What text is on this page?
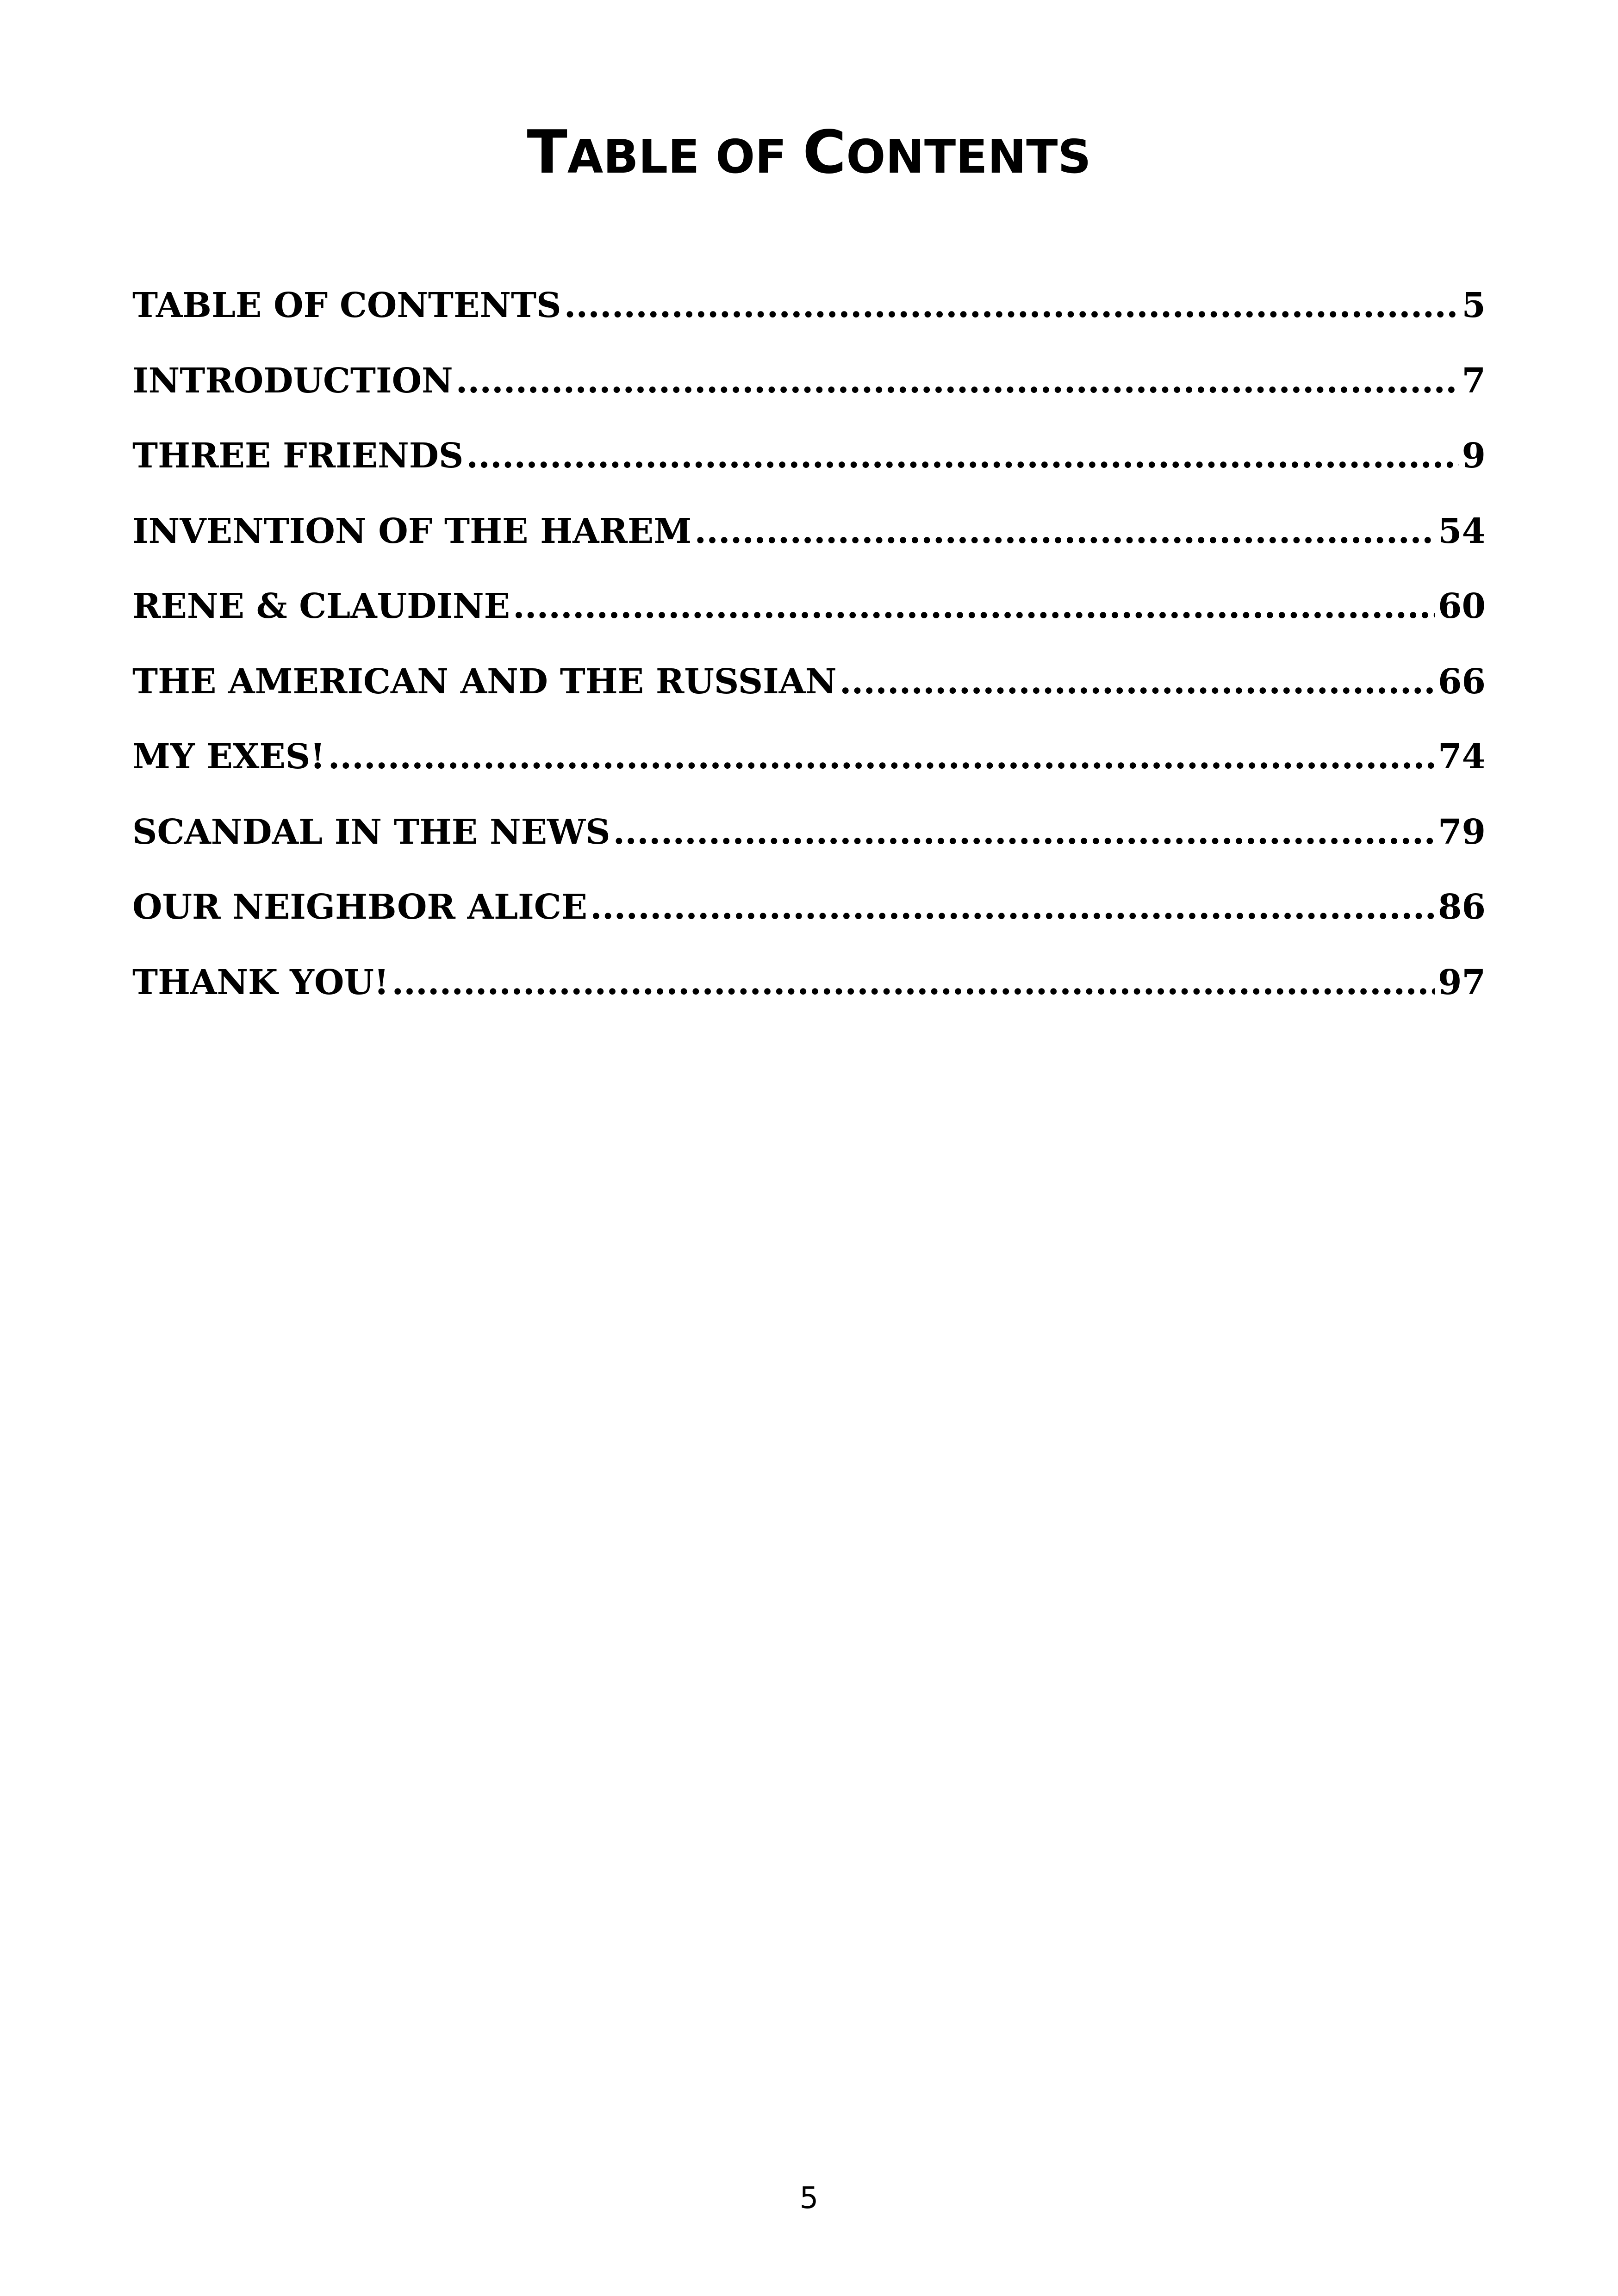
TABLE OF CONTENTS
TABLE OF CONTENTS .....	5
INTRODUCTION .....	7
THREE FRIENDS .....	9
INVENTION OF THE HAREM .....	54
RENE & CLAUDINE .....	60
THE AMERICAN AND THE RUSSIAN .....	66
MY EXES! .....	74
SCANDAL IN THE NEWS .....	79
OUR NEIGHBOR ALICE .....	86
THANK YOU! .....	97
5
